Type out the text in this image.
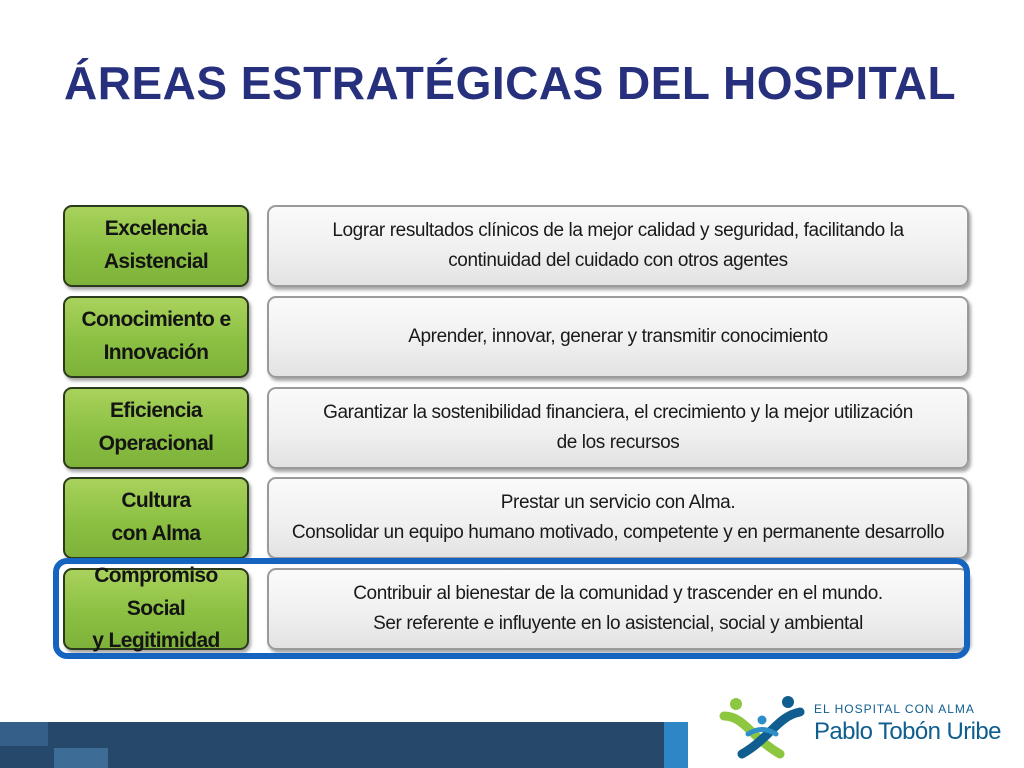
ÁREAS ESTRATÉGICAS DEL HOSPITAL
Excelencia
Asistencial
Lograr resultados clínicos de la mejor calidad y seguridad, facilitando la
continuidad del cuidado con otros agentes
Conocimiento e
Innovación
Aprender, innovar, generar y transmitir conocimiento
Eficiencia
Operacional
Garantizar la sostenibilidad financiera, el crecimiento y la mejor utilización
de los recursos
Cultura
con Alma
Prestar un servicio con Alma.
Consolidar un equipo humano motivado, competente y en permanente desarrollo
Compromiso Social
y Legitimidad
Contribuir al bienestar de la comunidad y trascender en el mundo.
Ser referente e influyente en lo asistencial, social y ambiental
EL HOSPITAL CON ALMA
Pablo Tobón Uribe
